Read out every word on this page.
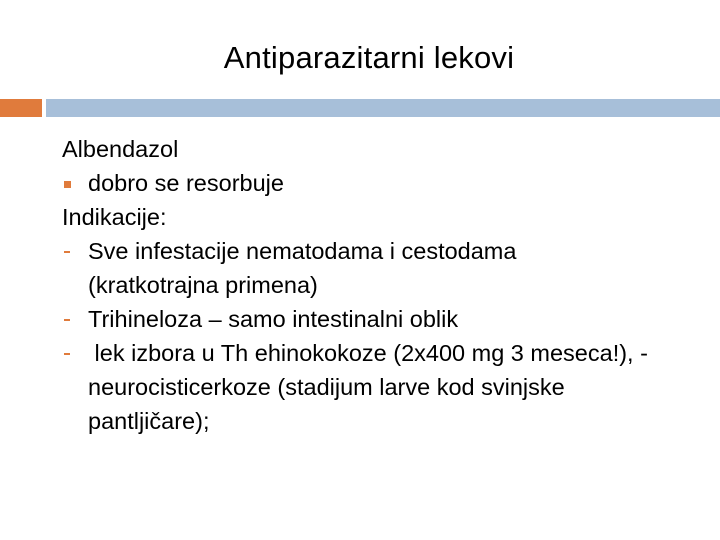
Antiparazitarni lekovi
Albendazol
dobro se resorbuje
Indikacije:
Sve infestacije nematodama i cestodama (kratkotrajna primena)
Trihineloza – samo intestinalni oblik
lek izbora u Th ehinokokoze (2x400 mg 3 meseca!), - neurocisticerkoze (stadijum larve kod svinjske pantljičare);
